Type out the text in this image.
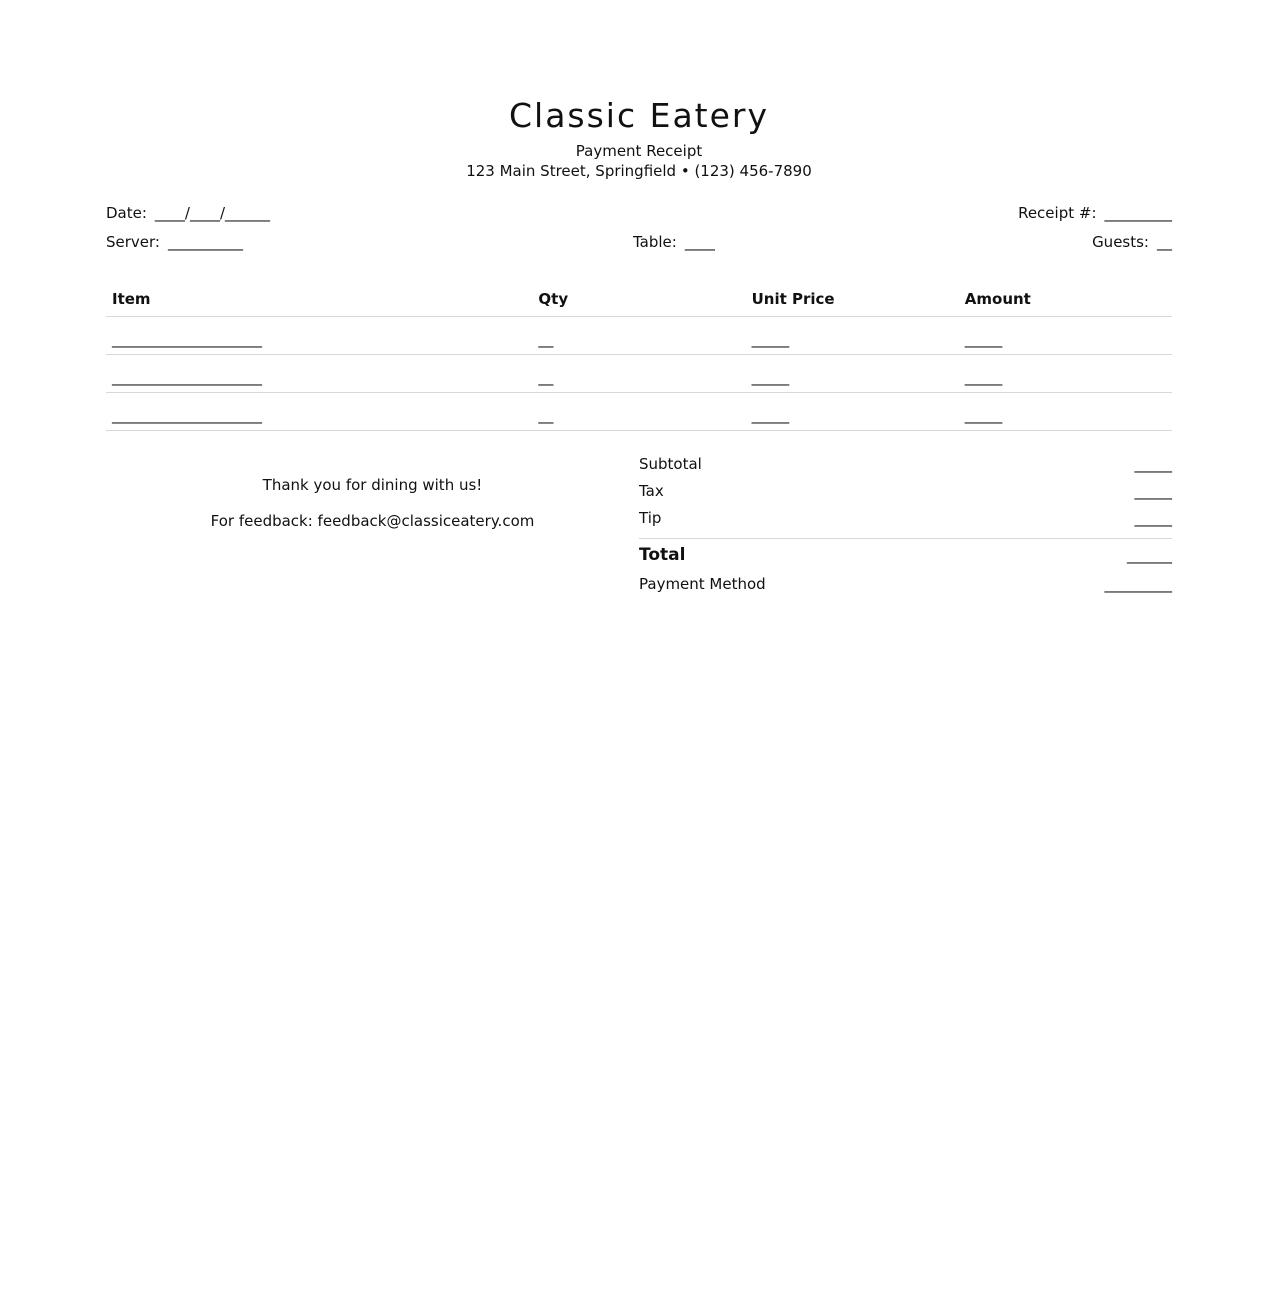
Classic Eatery
Payment Receipt
123 Main Street, Springfield • (123) 456-7890
Date: ____/____/______	Receipt #: _________
Server: __________	Table: ____	Guests: __
Item	Qty	Unit Price	Amount
____________________	__	_____	_____
____________________	__	_____	_____
____________________	__	_____	_____

Thank you for dining with us!

For feedback: feedback@classiceatery.com

Subtotal	_____
Tax	_____
Tip	_____
Total	______
Payment Method	_________
